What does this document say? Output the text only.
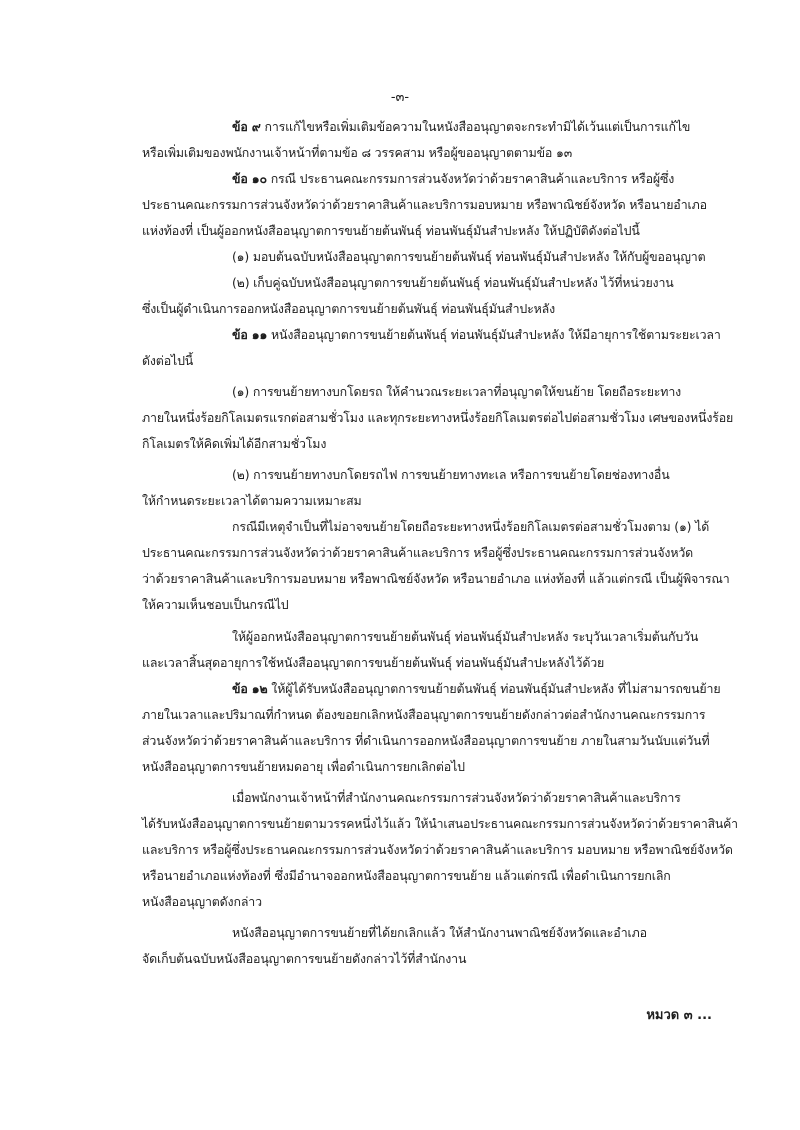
-๓-
ข้อ ๙ การแก้ไขหรือเพิ่มเติมข้อความในหนังสืออนุญาตจะกระทำมิได้เว้นแต่เป็นการแก้ไข
หรือเพิ่มเติมของพนักงานเจ้าหน้าที่ตามข้อ ๘ วรรคสาม หรือผู้ขออนุญาตตามข้อ ๑๓
ข้อ ๑๐ กรณี ประธานคณะกรรมการส่วนจังหวัดว่าด้วยราคาสินค้าและบริการ หรือผู้ซึ่ง
ประธานคณะกรรมการส่วนจังหวัดว่าด้วยราคาสินค้าและบริการมอบหมาย หรือพาณิชย์จังหวัด หรือนายอำเภอ
แห่งท้องที่ เป็นผู้ออกหนังสืออนุญาตการขนย้ายต้นพันธุ์ ท่อนพันธุ์มันสำปะหลัง ให้ปฏิบัติดังต่อไปนี้
(๑) มอบต้นฉบับหนังสืออนุญาตการขนย้ายต้นพันธุ์ ท่อนพันธุ์มันสำปะหลัง ให้กับผู้ขออนุญาต
(๒) เก็บคู่ฉบับหนังสืออนุญาตการขนย้ายต้นพันธุ์ ท่อนพันธุ์มันสำปะหลัง ไว้ที่หน่วยงาน
ซึ่งเป็นผู้ดำเนินการออกหนังสืออนุญาตการขนย้ายต้นพันธุ์ ท่อนพันธุ์มันสำปะหลัง
ข้อ ๑๑ หนังสืออนุญาตการขนย้ายต้นพันธุ์ ท่อนพันธุ์มันสำปะหลัง ให้มีอายุการใช้ตามระยะเวลา
ดังต่อไปนี้
(๑) การขนย้ายทางบกโดยรถ ให้คำนวณระยะเวลาที่อนุญาตให้ขนย้าย โดยถือระยะทาง
ภายในหนึ่งร้อยกิโลเมตรแรกต่อสามชั่วโมง และทุกระยะทางหนึ่งร้อยกิโลเมตรต่อไปต่อสามชั่วโมง เศษของหนึ่งร้อย
กิโลเมตรให้คิดเพิ่มได้อีกสามชั่วโมง
(๒) การขนย้ายทางบกโดยรถไฟ การขนย้ายทางทะเล หรือการขนย้ายโดยช่องทางอื่น
ให้กำหนดระยะเวลาได้ตามความเหมาะสม
กรณีมีเหตุจำเป็นที่ไม่อาจขนย้ายโดยถือระยะทางหนึ่งร้อยกิโลเมตรต่อสามชั่วโมงตาม (๑) ได้
ประธานคณะกรรมการส่วนจังหวัดว่าด้วยราคาสินค้าและบริการ หรือผู้ซึ่งประธานคณะกรรมการส่วนจังหวัด
ว่าด้วยราคาสินค้าและบริการมอบหมาย หรือพาณิชย์จังหวัด หรือนายอำเภอ แห่งท้องที่ แล้วแต่กรณี เป็นผู้พิจารณา
ให้ความเห็นชอบเป็นกรณีไป
ให้ผู้ออกหนังสืออนุญาตการขนย้ายต้นพันธุ์ ท่อนพันธุ์มันสำปะหลัง ระบุวันเวลาเริ่มต้นกับวัน
และเวลาสิ้นสุดอายุการใช้หนังสืออนุญาตการขนย้ายต้นพันธุ์ ท่อนพันธุ์มันสำปะหลังไว้ด้วย
ข้อ ๑๒ ให้ผู้ได้รับหนังสืออนุญาตการขนย้ายต้นพันธุ์ ท่อนพันธุ์มันสำปะหลัง ที่ไม่สามารถขนย้าย
ภายในเวลาและปริมาณที่กำหนด ต้องขอยกเลิกหนังสืออนุญาตการขนย้ายดังกล่าวต่อสำนักงานคณะกรรมการ
ส่วนจังหวัดว่าด้วยราคาสินค้าและบริการ ที่ดำเนินการออกหนังสืออนุญาตการขนย้าย ภายในสามวันนับแต่วันที่
หนังสืออนุญาตการขนย้ายหมดอายุ เพื่อดำเนินการยกเลิกต่อไป
เมื่อพนักงานเจ้าหน้าที่สำนักงานคณะกรรมการส่วนจังหวัดว่าด้วยราคาสินค้าและบริการ
ได้รับหนังสืออนุญาตการขนย้ายตามวรรคหนึ่งไว้แล้ว ให้นำเสนอประธานคณะกรรมการส่วนจังหวัดว่าด้วยราคาสินค้า
และบริการ หรือผู้ซึ่งประธานคณะกรรมการส่วนจังหวัดว่าด้วยราคาสินค้าและบริการ มอบหมาย หรือพาณิชย์จังหวัด
หรือนายอำเภอแห่งท้องที่ ซึ่งมีอำนาจออกหนังสืออนุญาตการขนย้าย แล้วแต่กรณี เพื่อดำเนินการยกเลิก
หนังสืออนุญาตดังกล่าว
หนังสืออนุญาตการขนย้ายที่ได้ยกเลิกแล้ว ให้สำนักงานพาณิชย์จังหวัดและอำเภอ
จัดเก็บต้นฉบับหนังสืออนุญาตการขนย้ายดังกล่าวไว้ที่สำนักงาน
หมวด ๓ ...
